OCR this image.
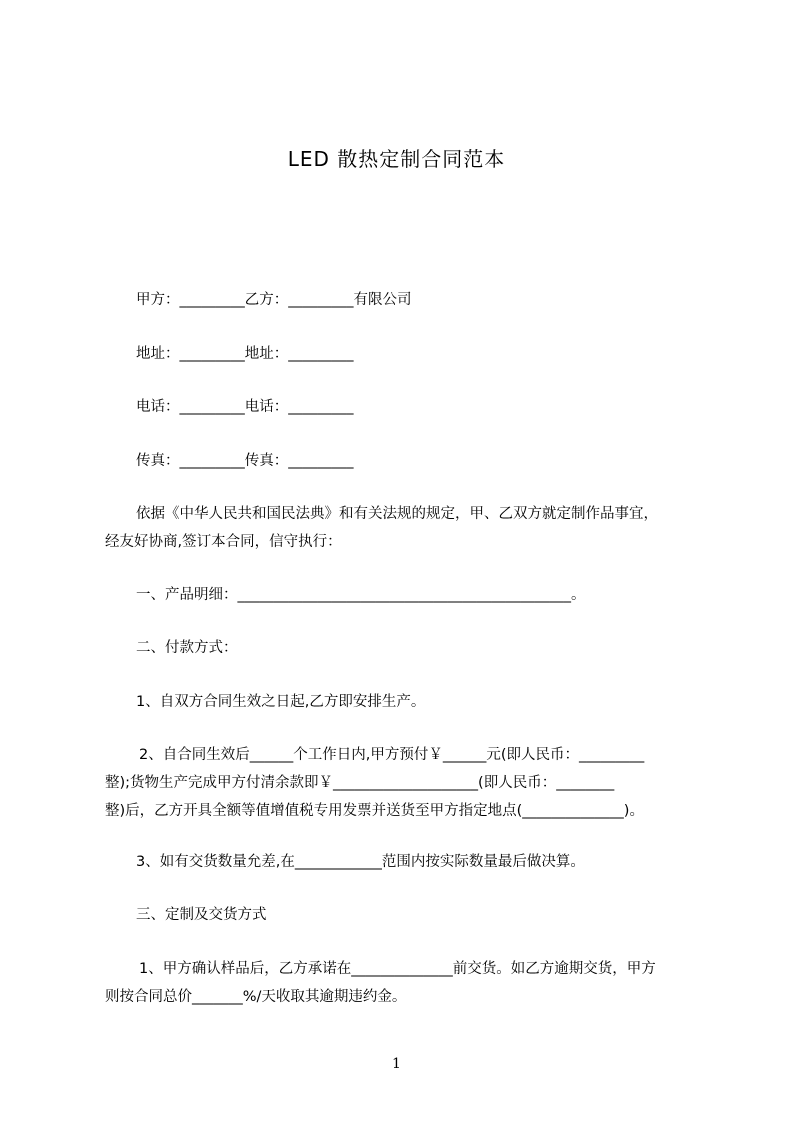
LED 散热定制合同范本
甲方：_________乙方：_________有限公司
地址：_________地址：_________
电话：_________电话：_________
传真：_________传真：_________
依据《中华人民共和国民法典》和有关法规的规定，甲、乙双方就定制作品事宜，
经友好协商,签订本合同，信守执行：
一、产品明细：______________________________________________。
二、付款方式：
1、自双方合同生效之日起,乙方即安排生产。
2、自合同生效后______个工作日内,甲方预付￥______元(即人民币：_________
整);货物生产完成甲方付清余款即￥____________________(即人民币：________
整)后，乙方开具全额等值增值税专用发票并送货至甲方指定地点(______________)。
3、如有交货数量允差,在____________范围内按实际数量最后做决算。
三、定制及交货方式
1、甲方确认样品后，乙方承诺在______________前交货。如乙方逾期交货，甲方
则按合同总价_______%/天收取其逾期违约金。
1
